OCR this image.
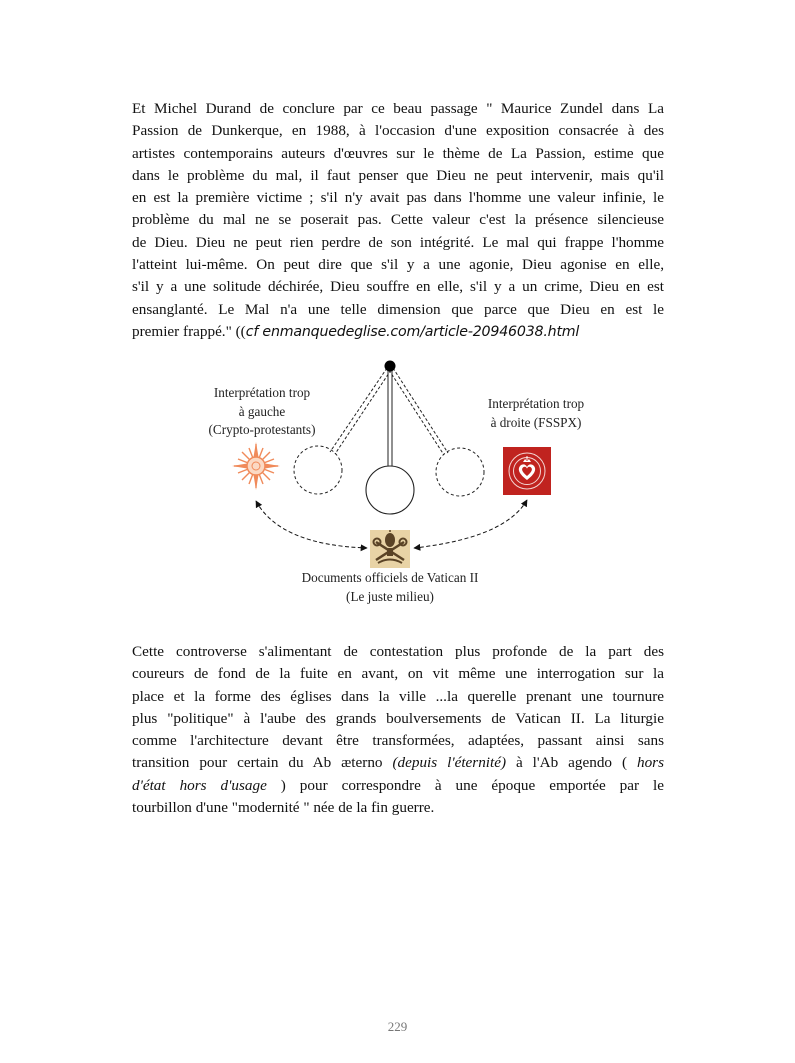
Et Michel Durand de conclure par ce beau passage " Maurice Zundel dans La
Passion de Dunkerque, en 1988, à l'occasion d'une exposition consacrée à des
artistes contemporains auteurs d'œuvres sur le thème de La Passion, estime que
dans le problème du mal, il faut penser que Dieu ne peut intervenir, mais qu'il
en est la première victime ; s'il n'y avait pas dans l'homme une valeur infinie, le
problème du mal ne se poserait pas. Cette valeur c'est la présence silencieuse
de Dieu. Dieu ne peut rien perdre de son intégrité. Le mal qui frappe l'homme
l'atteint lui-même. On peut dire que s'il y a une agonie, Dieu agonise en elle,
s'il y a une solitude déchirée, Dieu souffre en elle, s'il y a un crime, Dieu en est
ensanglanté. Le Mal n'a une telle dimension que parce que Dieu en est le
premier frappé." ((cf enmanquedeglise.com/article-20946038.html
Interprétation trop
à gauche
(Crypto-protestants)
Interprétation trop
à droite (FSSPX)
Documents officiels de Vatican II
(Le juste milieu)
Cette controverse s'alimentant de contestation plus profonde de la part des
coureurs de fond de la fuite en avant, on vit même une interrogation sur la
place et la forme des églises dans la ville ...la querelle prenant une tournure
plus "politique" à l'aube des grands boulversements de Vatican II. La liturgie
comme l'architecture devant être transformées, adaptées, passant ainsi sans
transition pour certain du Ab æterno (depuis l'éternité) à l'Ab agendo ( hors
d'état hors d'usage ) pour correspondre à une époque emportée par le
tourbillon d'une "modernité " née de la fin guerre.
229
